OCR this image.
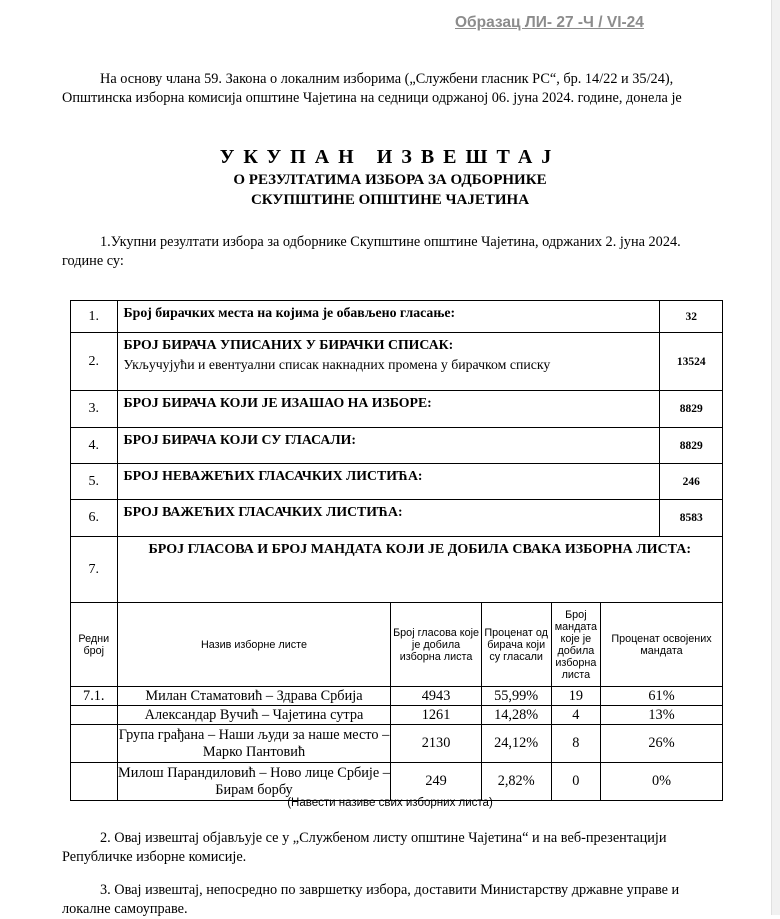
Образац ЛИ- 27 -Ч / VI-24
На основу члана 59. Закона о локалним изборима („Службени гласник РС“, бр. 14/22 и 35/24), Општинска изборна комисија општине Чајетина на седници одржаној 06. јуна 2024. године, донела је
УКУПАН ИЗВЕШТАЈ
О РЕЗУЛТАТИМА ИЗБОРА ЗА ОДБОРНИКЕ
СКУПШТИНЕ ОПШТИНЕ ЧАЈЕТИНА
1.Укупни резултати избора за одборнике Скупштине општине Чајетина, одржаних 2. јуна 2024. године су:
1.	Број бирачких места на којима је обављено гласање:					32
2.	БРОЈ БИРАЧА УПИСАНИХ У БИРАЧКИ СПИСАК:
Укључујући и евентуални списак накнадних промена у бирачком списку					13524
3.	БРОЈ БИРАЧА КОЈИ ЈЕ ИЗАШАО НА ИЗБОРЕ:					8829
4.	БРОЈ БИРАЧА КОЈИ СУ ГЛАСАЛИ:					8829
5.	БРОЈ НЕВАЖЕЋИХ ГЛАСАЧКИХ ЛИСТИЋА:					246
6.	БРОЈ ВАЖЕЋИХ ГЛАСАЧКИХ ЛИСТИЋА:					8583
7.	БРОЈ ГЛАСОВА И БРОЈ МАНДАТА КОЈИ ЈЕ ДОБИЛА СВАКА ИЗБОРНА ЛИСТА:					
Редни број	Назив изборне листе	Број гласова које је добила изборна листа	Проценат од бирача који су гласали	Број мандата које је добила изборна листа	Проценат освојених мандата	
7.1.	Милан Стаматовић – Здрава Србија	4943	55,99%	19	61%	
	Александар Вучић – Чајетина сутра	1261	14,28%	4	13%	
	Група грађана – Наши људи за наше место – Марко Пантовић	2130	24,12%	8	26%	
	Милош Парандиловић – Ново лице Србије – Бирам борбу	249	2,82%	0	0%	
(Навести називе свих изборних листа)
2. Овај извештај објављује се у „Службеном листу општине Чајетина“ и на веб-презентацији Републичке изборне комисије.
3. Овај извештај, непосредно по завршетку избора, доставити Министарству државне управе и локалне самоуправе.
